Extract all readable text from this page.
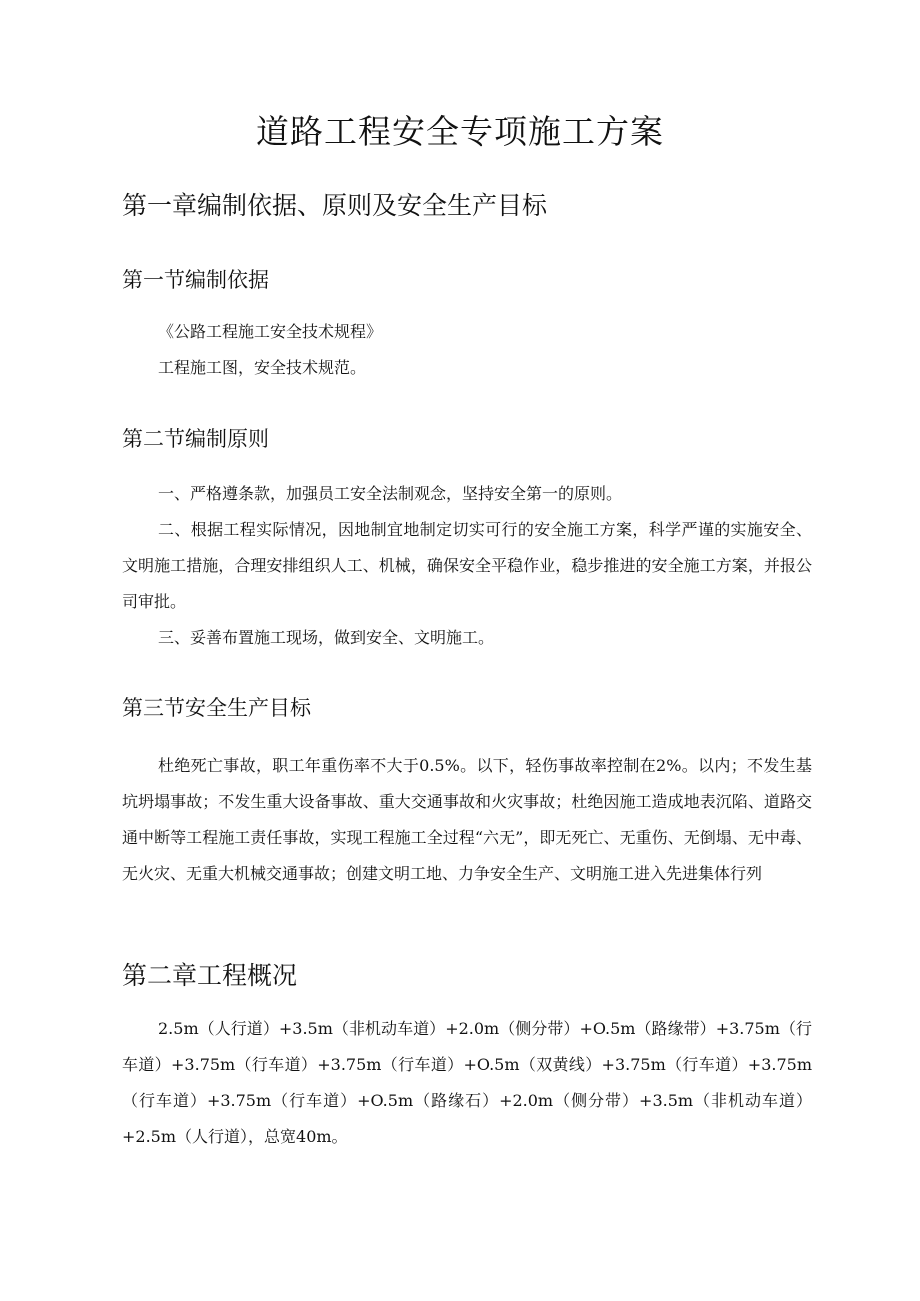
道路工程安全专项施工方案
第一章编制依据、原则及安全生产目标
第一节编制依据
《公路工程施工安全技术规程》
工程施工图，安全技术规范。
第二节编制原则
一、严格遵条款，加强员工安全法制观念，坚持安全第一的原则。
二、根据工程实际情况，因地制宜地制定切实可行的安全施工方案，科学严谨的实施安全、文明施工措施，合理安排组织人工、机械，确保安全平稳作业，稳步推进的安全施工方案，并报公司审批。
三、妥善布置施工现场，做到安全、文明施工。
第三节安全生产目标
杜绝死亡事故，职工年重伤率不大于0.5%。以下，轻伤事故率控制在2%。以内；不发生基坑坍塌事故；不发生重大设备事故、重大交通事故和火灾事故；杜绝因施工造成地表沉陷、道路交通中断等工程施工责任事故，实现工程施工全过程“六无”，即无死亡、无重伤、无倒塌、无中毒、无火灾、无重大机械交通事故；创建文明工地、力争安全生产、文明施工进入先进集体行列
第二章工程概况
2.5m（人行道）+3.5m（非机动车道）+2.0m（侧分带）+O.5m（路缘带）+3.75m（行车道）+3.75m（行车道）+3.75m（行车道）+O.5m（双黄线）+3.75m（行车道）+3.75m（行车道）+3.75m（行车道）+O.5m（路缘石）+2.0m（侧分带）+3.5m（非机动车道）+2.5m（人行道），总宽40m。
